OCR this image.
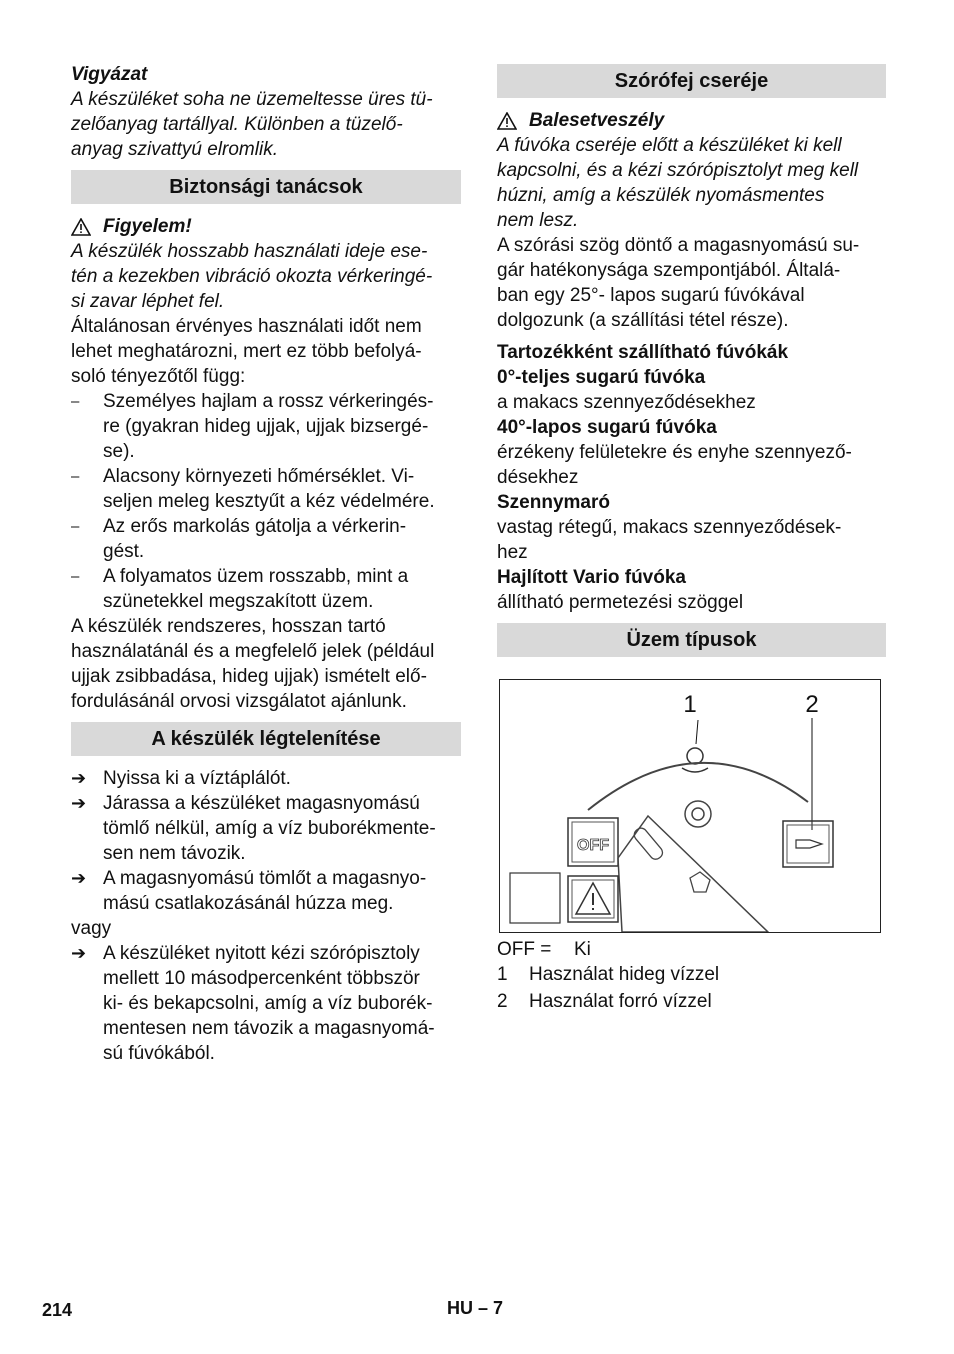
Vigyázat

A készüléket soha ne üzemeltesse üres tü-

zelőanyag tartállyal. Különben a tüzelő-

anyag szivattyú elromlik.

Biztonsági tanácsok
Figyelem!

A készülék hosszabb használati ideje ese-

tén a kezekben vibráció okozta vérkeringé-

si zavar léphet fel.

Általánosan érvényes használati időt nem

lehet meghatározni, mert ez több befolyá-

soló tényezőtől függ:

–	Személyes hajlam a rossz vérkeringés-

re (gyakran hideg ujjak, ujjak bizsergé-

se).

–	Alacsony környezeti hőmérséklet. Vi-

seljen meleg kesztyűt a kéz védelmére.

–	Az erős markolás gátolja a vérkerin-

gést.

–	A folyamatos üzem rosszabb, mint a

szünetekkel megszakított üzem.

A készülék rendszeres, hosszan tartó

használatánál és a megfelelő jelek (például

ujjak zsibbadása, hideg ujjak) ismételt elő-

fordulásánál orvosi vizsgálatot ajánlunk.

A készülék légtelenítése
➔ Nyissa ki a víztáplálót.

➔ Járassa a készüléket magasnyomású

tömlő nélkül, amíg a víz buborékmente-

sen nem távozik.

➔ A magasnyomású tömlőt a magasnyo-

mású csatlakozásánál húzza meg.

vagy

➔ A készüléket nyitott kézi szórópisztoly

mellett 10 másodpercenként többször

ki- és bekapcsolni, amíg a víz buborék-

mentesen nem távozik a magasnyomá-

sú fúvókából.

Szórófej cseréje
Balesetveszély

A fúvóka cseréje előtt a készüléket ki kell

kapcsolni, és a kézi szórópisztolyt meg kell

húzni, amíg a készülék nyomásmentes

nem lesz.

A szórási szög döntő a magasnyomású su-

gár hatékonysága szempontjából. Általá-

ban egy 25°- lapos sugarú fúvókával

dolgozunk (a szállítási tétel része).

Tartozékként szállítható fúvókák

0°-teljes sugarú fúvóka

a makacs szennyeződésekhez

40°-lapos sugarú fúvóka

érzékeny felületekre és enyhe szennyező-

désekhez

Szennymaró

vastag rétegű, makacs szennyeződések-

hez

Hajlított Vario fúvóka

állítható permetezési szöggel

Üzem típusok
1	2
OFF
OFF =	Ki
1	Használat hideg vízzel
2	Használat forró vízzel
214	HU – 7
